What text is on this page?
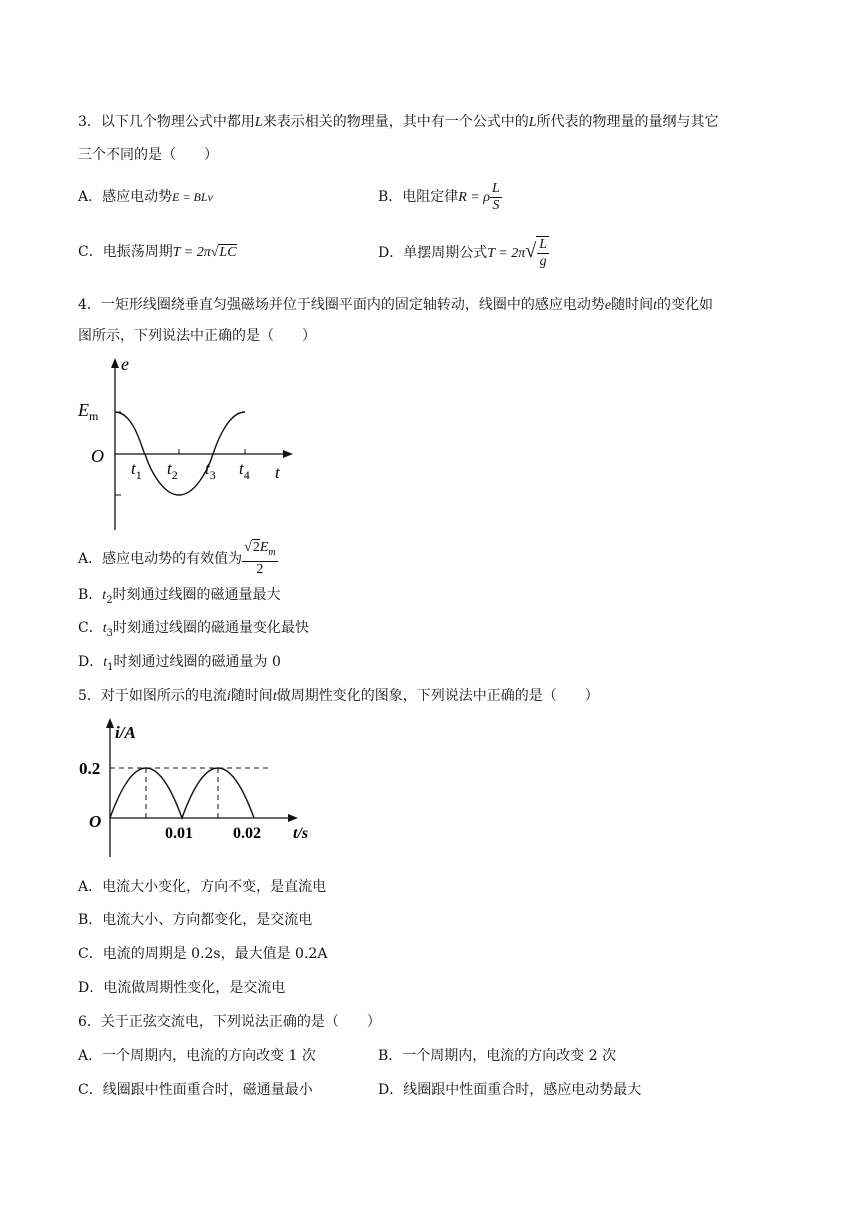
3．以下几个物理公式中都用L来表示相关的物理量，其中有一个公式中的L所代表的物理量的量纲与其它
三个不同的是（　　）
A．感应电动势E = BLv	B．电阻定律R = ρ $\frac{L}{S}$
C．电振荡周期T = 2π√LC	D．单摆周期公式$T = 2\pi√ \frac{L}{g}$
4．一矩形线圈绕垂直匀强磁场并位于线圈平面内的固定轴转动，线圈中的感应电动势e随时间t的变化如
图所示，下列说法中正确的是（　　）
e
t
O
$E_m$
$t_1$ $t_2$ $t_3$ $t_4$
A．感应电动势的有效值为 $\frac{√2E_m}{2}$
B．$t_2$时刻通过线圈的磁通量最大
C．$t_3$时刻通过线圈的磁通量变化最快
D．$t_1$时刻通过线圈的磁通量为 0
5．对于如图所示的电流i随时间t做周期性变化的图象，下列说法中正确的是（　　）
i/A
t/s
O
0.2
0.01	0.02
A．电流大小变化，方向不变，是直流电
B．电流大小、方向都变化，是交流电
C．电流的周期是 0.2s，最大值是 0.2A
D．电流做周期性变化，是交流电
6．关于正弦交流电，下列说法正确的是（　　）
A．一个周期内，电流的方向改变 1 次	B．一个周期内，电流的方向改变 2 次
C．线圈跟中性面重合时，磁通量最小	D．线圈跟中性面重合时，感应电动势最大
